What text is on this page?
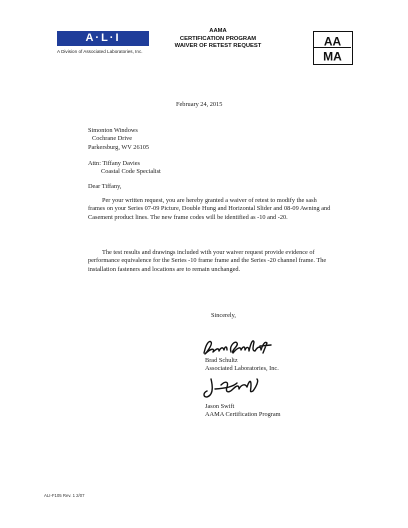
A·L·I
A Division of Associated Laboratories, Inc.
AAMA
CERTIFICATION PROGRAM
WAIVER OF RETEST REQUEST	AA
MA
February 24, 2015
Simonton Windows
Cochrane Drive
Parkersburg, WV 26105
Attn: Tiffany Davies
Coastal Code Specialist
Dear Tiffany,
Per your written request, you are hereby granted a waiver of retest to modify the sash frames on your Series 07-09 Picture, Double Hung and Horizontal Slider and 08-09 Awning and Casement product lines. The new frame codes will be identified as -10 and -20.
The test results and drawings included with your waiver request provide evidence of performance equivalence for the Series -10 frame frame and the Series -20 channel frame. The installation fasteners and locations are to remain unchanged.
Sincerely,
Brad Schultz
Associated Laboratories, Inc.
Jason Swift
AAMA Certification Program
ALI-F105 Rev. 1 2/07
